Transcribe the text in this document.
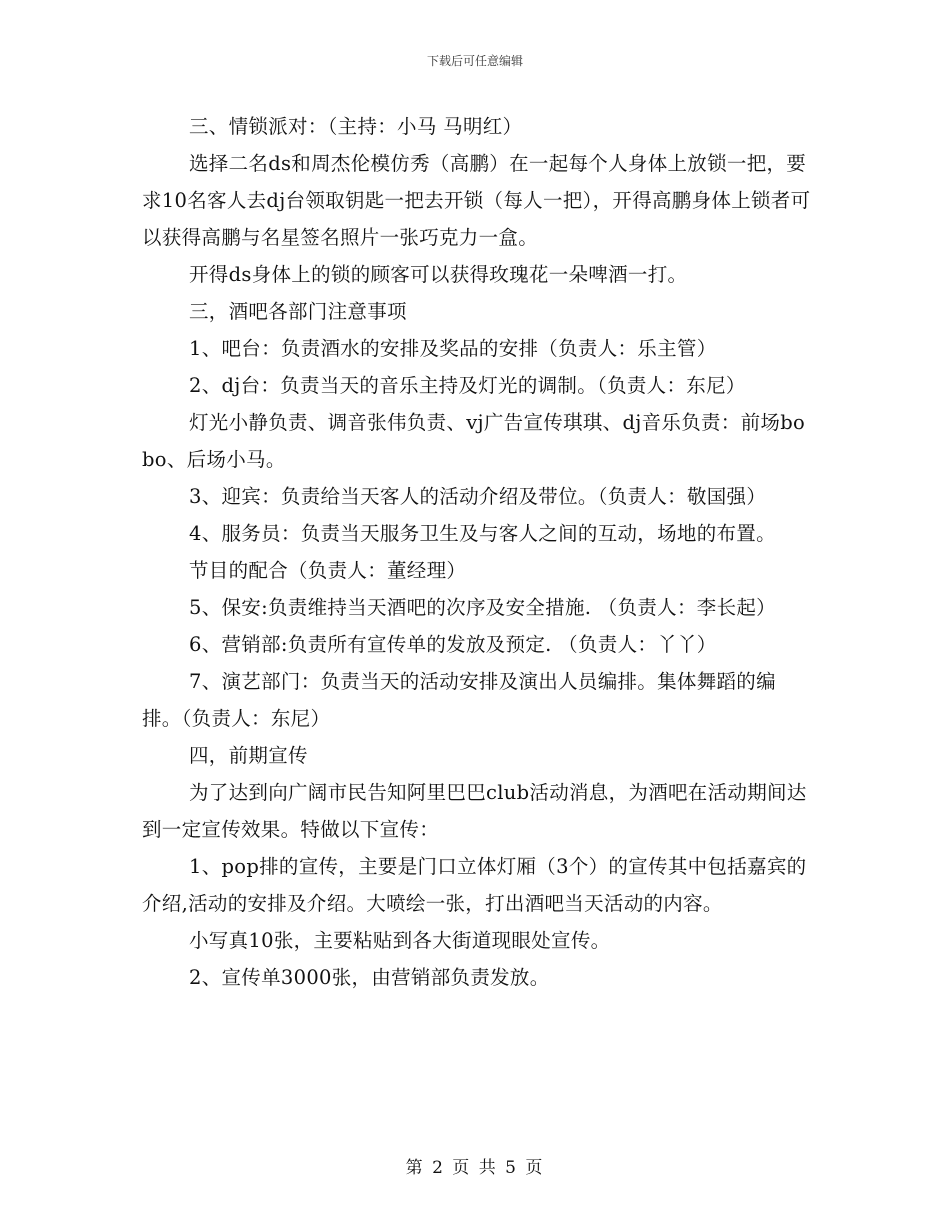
下载后可任意编辑

三、情锁派对：（主持：小马 马明红）

选择二名ds和周杰伦模仿秀（高鹏）在一起每个人身体上放锁一把，要求10名客人去dj台领取钥匙一把去开锁（每人一把），开得高鹏身体上锁者可以获得高鹏与名星签名照片一张巧克力一盒。

开得ds身体上的锁的顾客可以获得玫瑰花一朵啤酒一打。

三，酒吧各部门注意事项

1、吧台：负责酒水的安排及奖品的安排（负责人：乐主管）

2、dj台：负责当天的音乐主持及灯光的调制。（负责人：东尼）

灯光小静负责、调音张伟负责、vj广告宣传琪琪、dj音乐负责：前场bobo、后场小马。

3、迎宾：负责给当天客人的活动介绍及带位。（负责人：敬国强）

4、服务员：负责当天服务卫生及与客人之间的互动，场地的布置。

节目的配合（负责人：董经理）

5、保安:负责维持当天酒吧的次序及安全措施. （负责人：李长起）

6、营销部:负责所有宣传单的发放及预定. （负责人：丫丫）

7、演艺部门：负责当天的活动安排及演出人员编排。集体舞蹈的编排。（负责人：东尼）

四，前期宣传

为了达到向广阔市民告知阿里巴巴club活动消息，为酒吧在活动期间达到一定宣传效果。特做以下宣传：

1、pop排的宣传，主要是门口立体灯厢（3个）的宣传其中包括嘉宾的介绍,活动的安排及介绍。大喷绘一张，打出酒吧当天活动的内容。

小写真10张，主要粘贴到各大街道现眼处宣传。

2、宣传单3000张，由营销部负责发放。

第 2 页 共 5 页
